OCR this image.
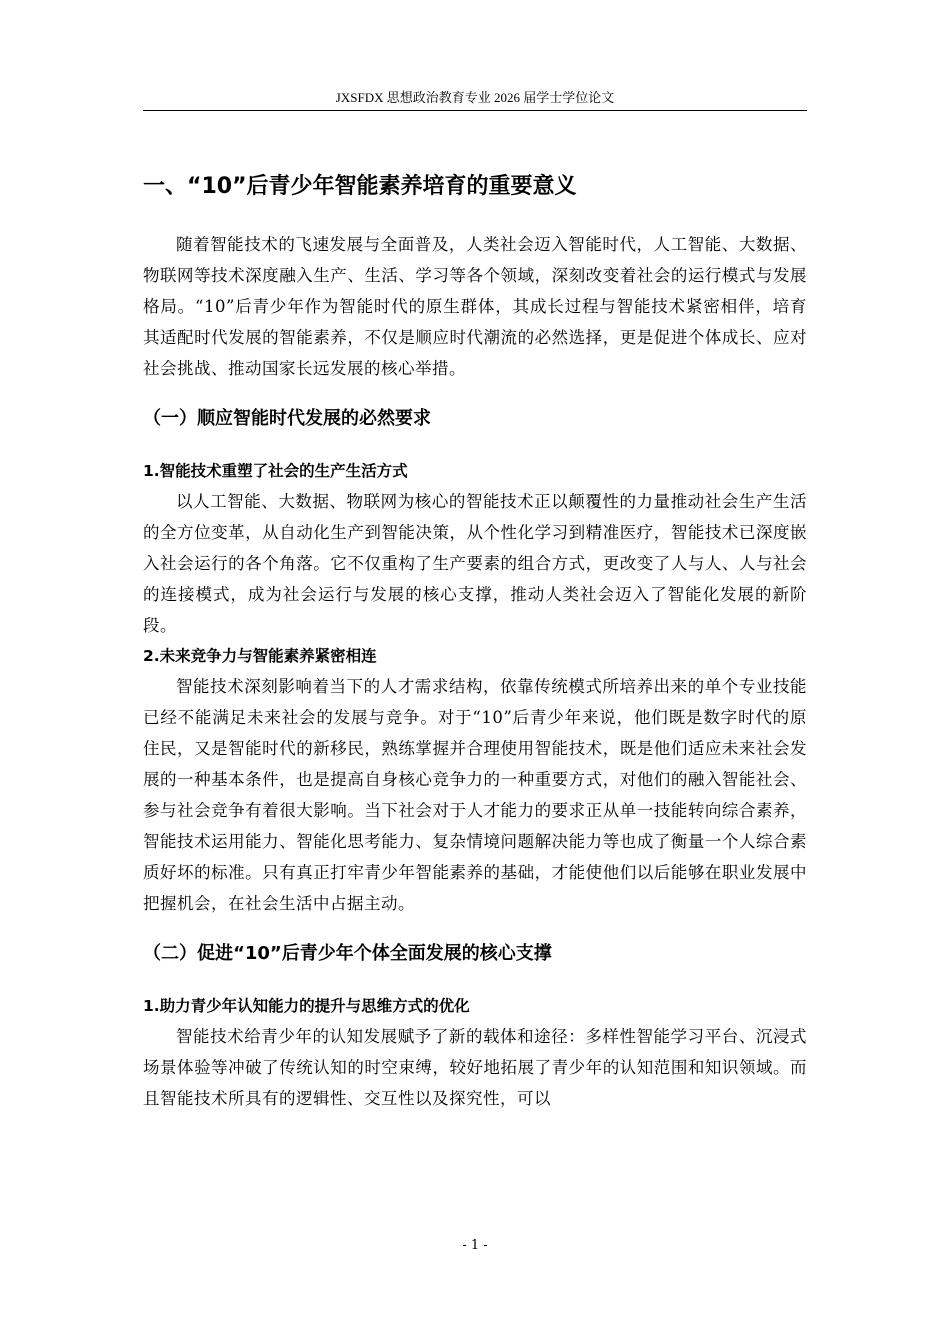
JXSFDX 思想政治教育专业 2026 届学士学位论文
一、“10”后青少年智能素养培育的重要意义

随着智能技术的飞速发展与全面普及，人类社会迈入智能时代，人工智能、大数据、物联网等技术深度融入生产、生活、学习等各个领域，深刻改变着社会的运行模式与发展格局。“10”后青少年作为智能时代的原生群体，其成长过程与智能技术紧密相伴，培育其适配时代发展的智能素养，不仅是顺应时代潮流的必然选择，更是促进个体成长、应对社会挑战、推动国家长远发展的核心举措。

（一）顺应智能时代发展的必然要求
1.智能技术重塑了社会的生产生活方式

以人工智能、大数据、物联网为核心的智能技术正以颠覆性的力量推动社会生产生活的全方位变革，从自动化生产到智能决策，从个性化学习到精准医疗，智能技术已深度嵌入社会运行的各个角落。它不仅重构了生产要素的组合方式，更改变了人与人、人与社会的连接模式，成为社会运行与发展的核心支撑，推动人类社会迈入了智能化发展的新阶段。

2.未来竞争力与智能素养紧密相连

智能技术深刻影响着当下的人才需求结构，依靠传统模式所培养出来的单个专业技能已经不能满足未来社会的发展与竞争。对于“10”后青少年来说，他们既是数字时代的原住民，又是智能时代的新移民，熟练掌握并合理使用智能技术，既是他们适应未来社会发展的一种基本条件，也是提高自身核心竞争力的一种重要方式，对他们的融入智能社会、参与社会竞争有着很大影响。当下社会对于人才能力的要求正从单一技能转向综合素养，智能技术运用能力、智能化思考能力、复杂情境问题解决能力等也成了衡量一个人综合素质好坏的标准。只有真正打牢青少年智能素养的基础，才能使他们以后能够在职业发展中把握机会，在社会生活中占据主动。

（二）促进“10”后青少年个体全面发展的核心支撑
1.助力青少年认知能力的提升与思维方式的优化

智能技术给青少年的认知发展赋予了新的载体和途径：多样性智能学习平台、沉浸式场景体验等冲破了传统认知的时空束缚，较好地拓展了青少年的认知范围和知识领域。而且智能技术所具有的逻辑性、交互性以及探究性，可以

- 1 -
